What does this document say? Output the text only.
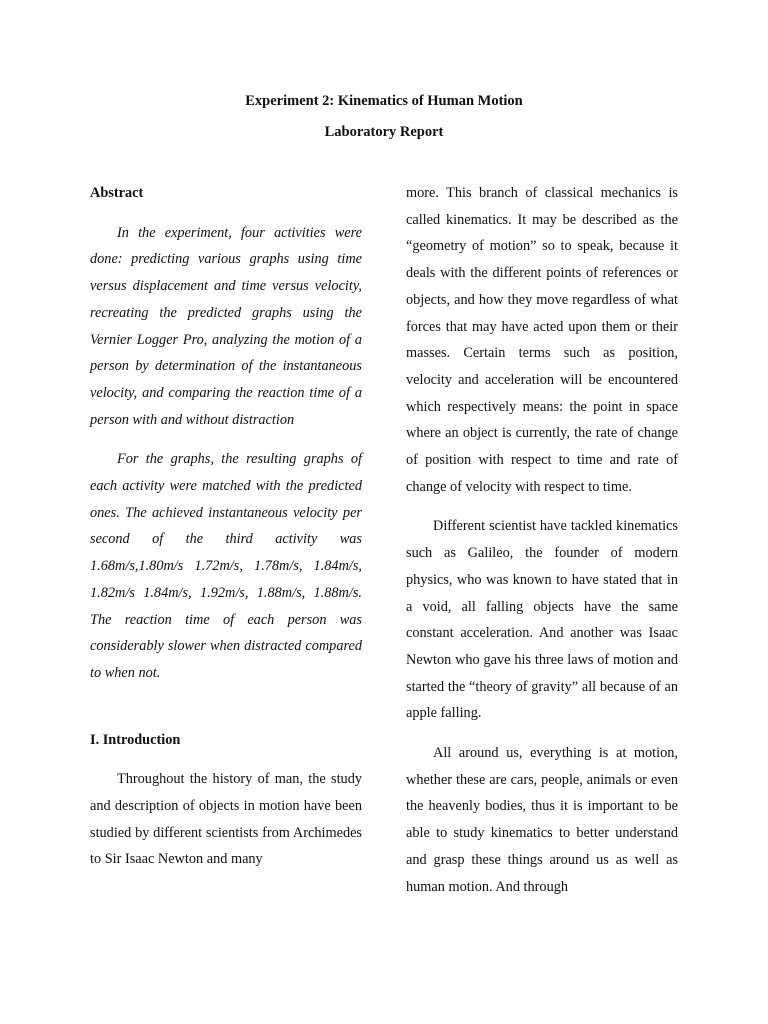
Experiment 2: Kinematics of Human Motion
Laboratory Report
Abstract

In the experiment, four activities were done: predicting various graphs using time versus displacement and time versus velocity, recreating the predicted graphs using the Vernier Logger Pro, analyzing the motion of a person by determination of the instantaneous velocity, and comparing the reaction time of a person with and without distraction

For the graphs, the resulting graphs of each activity were matched with the predicted ones. The achieved instantaneous velocity per second of the third activity was 1.68m/s,1.80m/s 1.72m/s, 1.78m/s, 1.84m/s, 1.82m/s 1.84m/s, 1.92m/s, 1.88m/s, 1.88m/s. The reaction time of each person was considerably slower when distracted compared to when not.

I. Introduction

Throughout the history of man, the study and description of objects in motion have been studied by different scientists from Archimedes to Sir Isaac Newton and many

more. This branch of classical mechanics is called kinematics. It may be described as the “geometry of motion” so to speak, because it deals with the different points of references or objects, and how they move regardless of what forces that may have acted upon them or their masses. Certain terms such as position, velocity and acceleration will be encountered which respectively means: the point in space where an object is currently, the rate of change of position with respect to time and rate of change of velocity with respect to time.

Different scientist have tackled kinematics such as Galileo, the founder of modern physics, who was known to have stated that in a void, all falling objects have the same constant acceleration. And another was Isaac Newton who gave his three laws of motion and started the “theory of gravity” all because of an apple falling.

All around us, everything is at motion, whether these are cars, people, animals or even the heavenly bodies, thus it is important to be able to study kinematics to better understand and grasp these things around us as well as human motion. And through
